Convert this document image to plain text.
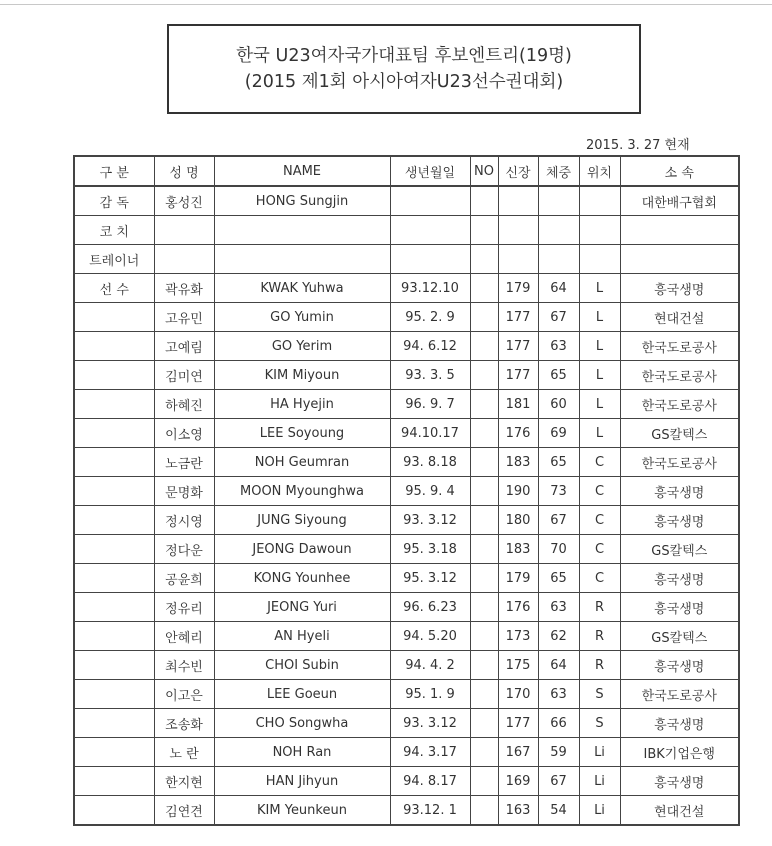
한국 U23여자국가대표팀 후보엔트리(19명)
(2015 제1회 아시아여자U23선수권대회)
2015. 3. 27 현재
구 분	성 명	NAME	생년월일	NO	신장	체중	위치	소 속
감 독	홍성진	HONG Sungjin						대한배구협회
코 치								
트레이너								
선 수	곽유화	KWAK Yuhwa	93.12.10		179	64	L	흥국생명
	고유민	GO Yumin	95. 2. 9		177	67	L	현대건설
	고예림	GO Yerim	94. 6.12		177	63	L	한국도로공사
	김미연	KIM Miyoun	93. 3. 5		177	65	L	한국도로공사
	하혜진	HA Hyejin	96. 9. 7		181	60	L	한국도로공사
	이소영	LEE Soyoung	94.10.17		176	69	L	GS칼텍스
	노금란	NOH Geumran	93. 8.18		183	65	C	한국도로공사
	문명화	MOON Myounghwa	95. 9. 4		190	73	C	흥국생명
	정시영	JUNG Siyoung	93. 3.12		180	67	C	흥국생명
	정다운	JEONG Dawoun	95. 3.18		183	70	C	GS칼텍스
	공윤희	KONG Younhee	95. 3.12		179	65	C	흥국생명
	정유리	JEONG Yuri	96. 6.23		176	63	R	흥국생명
	안혜리	AN Hyeli	94. 5.20		173	62	R	GS칼텍스
	최수빈	CHOI Subin	94. 4. 2		175	64	R	흥국생명
	이고은	LEE Goeun	95. 1. 9		170	63	S	한국도로공사
	조송화	CHO Songwha	93. 3.12		177	66	S	흥국생명
	노 란	NOH Ran	94. 3.17		167	59	Li	IBK기업은행
	한지현	HAN Jihyun	94. 8.17		169	67	Li	흥국생명
	김연견	KIM Yeunkeun	93.12. 1		163	54	Li	현대건설
